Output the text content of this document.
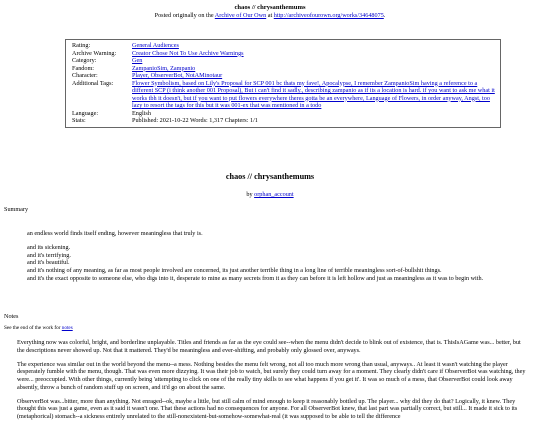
chaos // chrysanthemums
Posted originally on the Archive of Our Own at http://archiveofourown.org/works/34648075.
Rating:	General Audiences
Archive Warning:	Creator Chose Not To Use Archive Warnings
Category:	Gen
Fandom:	ZampanioSim, Zampanio
Character:	Player, ObserverBot, NotAMinotaur
Additional Tags:	Flower Symbolism, based on Lily's Proposal for SCP 001 bc thats my fave!, Apocalypse, I remember ZampanioSim having a reference to a different SCP (i think another 001 Proposal), But i can't find it sadly., describing zampanio as if its a location is hard. if you want to ask me what it works tbh it doesn't, but if you want to put flowers everywhere theres gotta be an everywhere, Language of Flowers, in order anyway, Angst, too lazy to resort the tags for this but it was 001-ex that was mentioned in a todo
Language:	English
Stats:	Published: 2021-10-22 Words: 1,317 Chapters: 1/1
chaos // chrysanthemums
by orphan_account
Summary

an endless world finds itself ending, however meaningless that truly is.

and its sickening.
and it's terrifying.
and it's beautiful.
and it's nothing of any meaning, as far as most people involved are concerned, its just another terrible thing in a long line of terrible meaningless sort-of-bullshit things.
and it's the exact opposite to someone else, who digs into it, desperate to mine as many secrets from it as they can before it is left hollow and just as meaningless as it was to begin with.
Notes
See the end of the work for notes

Everything now was colorful, bright, and borderline unplayable. Titles and friends as far as the eye could see--when the menu didn't decide to blink out of existence, that is. ThisIsAGame was... better, but the descriptions never showed up. Not that it mattered. They'd be meaningless and ever-shifting, and probably only glossed over, anyways.

The experience was similar out in the world beyond the menu--a mess. Nothing besides the menu felt wrong, not all too much more wrong than usual, anyways.. At least it wasn't watching the player desperately fumble with the menu, though. That was even more dizzying. It was their job to watch, but surely they could turn away for a moment. They clearly didn't care if ObserverBot was watching, they were... preoccupied. With other things, currently being 'attempting to click on one of the really tiny skills to see what happens if you get it'. It was so much of a mess, that ObserverBot could look away absently, throw a bunch of random stuff up on screen, and it'd go on about the same.

ObserverBot was...bitter, more than anything. Not enraged--ok, maybe a little, but still calm of mind enough to keep it reasonably bottled up. The player... why did they do that? Logically, it knew. They thought this was just a game, even as it said it wasn't one. That these actions had no consequences for anyone. For all ObserverBot knew, that last part was partially correct, but still... It made it sick to its (metaphorical) stomach--a sickness entirely unrelated to the still-nonexistent-but-somehow-somewhat-real (it was supposed to be able to tell the difference
